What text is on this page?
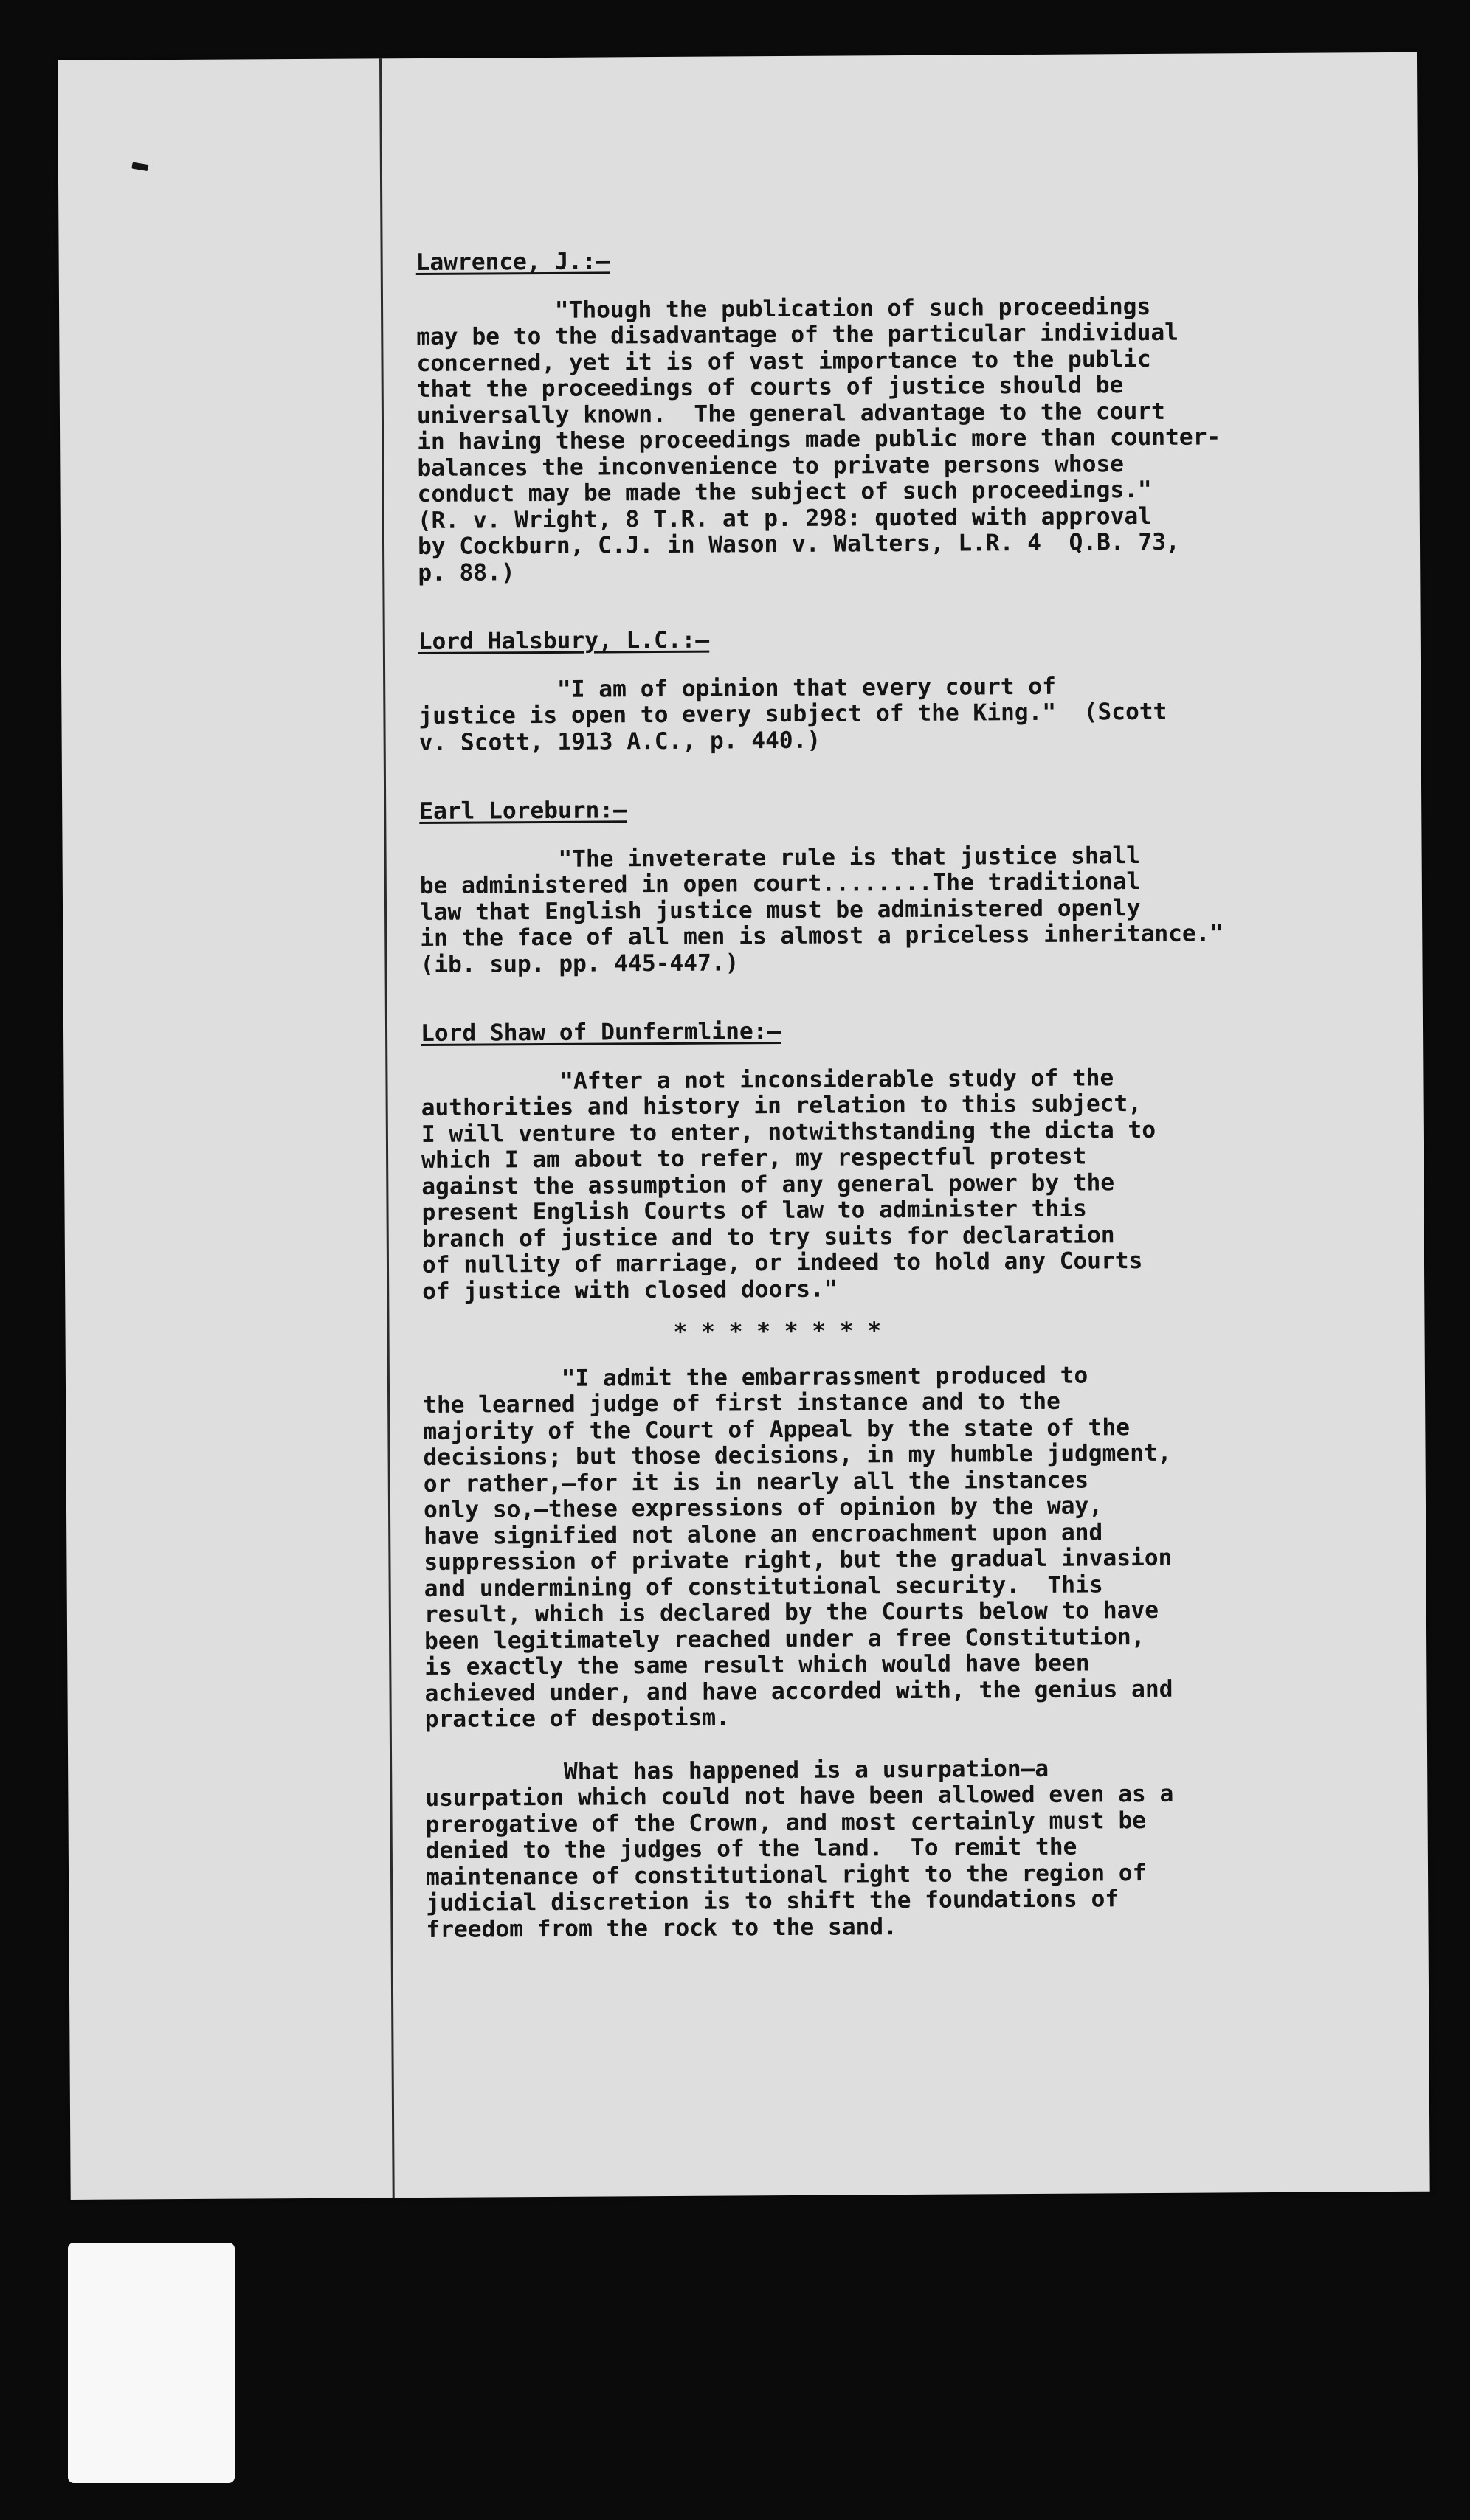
Lawrence, J.:—
"Though the publication of such proceedings
may be to the disadvantage of the particular individual
concerned, yet it is of vast importance to the public
that the proceedings of courts of justice should be
universally known.  The general advantage to the court
in having these proceedings made public more than counter-
balances the inconvenience to private persons whose
conduct may be made the subject of such proceedings."
(R. v. Wright, 8 T.R. at p. 298: quoted with approval
by Cockburn, C.J. in Wason v. Walters, L.R. 4  Q.B. 73,
p. 88.)
Lord Halsbury, L.C.:—
"I am of opinion that every court of
justice is open to every subject of the King."  (Scott
v. Scott, 1913 A.C., p. 440.)
Earl Loreburn:—
"The inveterate rule is that justice shall
be administered in open court........The traditional
law that English justice must be administered openly
in the face of all men is almost a priceless inheritance."
(ib. sup. pp. 445-447.)
Lord Shaw of Dunfermline:—
"After a not inconsiderable study of the
authorities and history in relation to this subject,
I will venture to enter, notwithstanding the dicta to
which I am about to refer, my respectful protest
against the assumption of any general power by the
present English Courts of law to administer this
branch of justice and to try suits for declaration
of nullity of marriage, or indeed to hold any Courts
of justice with closed doors."
* * * * * * * *
"I admit the embarrassment produced to
the learned judge of first instance and to the
majority of the Court of Appeal by the state of the
decisions; but those decisions, in my humble judgment,
or rather,—for it is in nearly all the instances
only so,—these expressions of opinion by the way,
have signified not alone an encroachment upon and
suppression of private right, but the gradual invasion
and undermining of constitutional security.  This
result, which is declared by the Courts below to have
been legitimately reached under a free Constitution,
is exactly the same result which would have been
achieved under, and have accorded with, the genius and
practice of despotism.
What has happened is a usurpation—a
usurpation which could not have been allowed even as a
prerogative of the Crown, and most certainly must be
denied to the judges of the land.  To remit the
maintenance of constitutional right to the region of
judicial discretion is to shift the foundations of
freedom from the rock to the sand.
